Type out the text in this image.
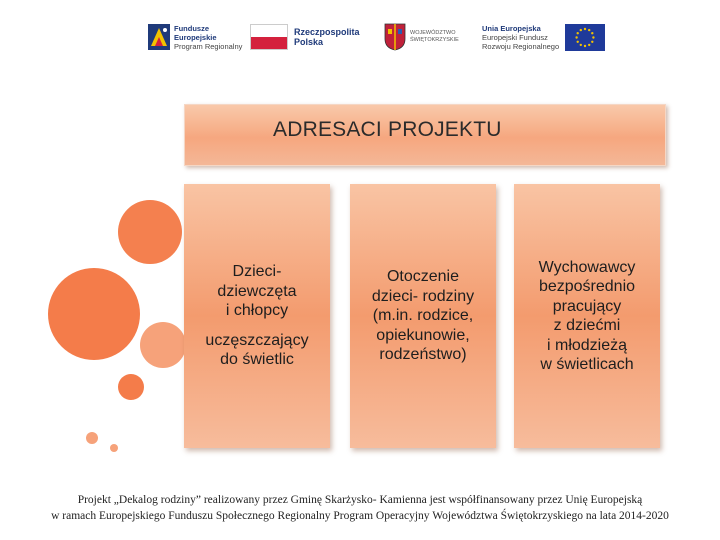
Fundusze
Europejskie
Program Regionalny
Rzeczpospolita
Polska
WOJEWÓDZTWO
ŚWIĘTOKRZYSKIE
Unia Europejska
Europejski Fundusz
Rozwoju Regionalnego
ADRESACI PROJEKTU

Dzieci-

dziewczęta

i chłopcy

uczęszczający

do świetlic

Otoczenie

dzieci- rodziny

(m.in. rodzice,

opiekunowie,

rodzeństwo)

Wychowawcy

bezpośrednio

pracujący

z dziećmi

i młodzieżą

w świetlicach

Projekt „Dekalog rodziny” realizowany przez Gminę Skarżysko- Kamienna jest współfinansowany przez Unię Europejską
w ramach Europejskiego Funduszu Społecznego Regionalny Program Operacyjny Województwa Świętokrzyskiego na lata 2014-2020
